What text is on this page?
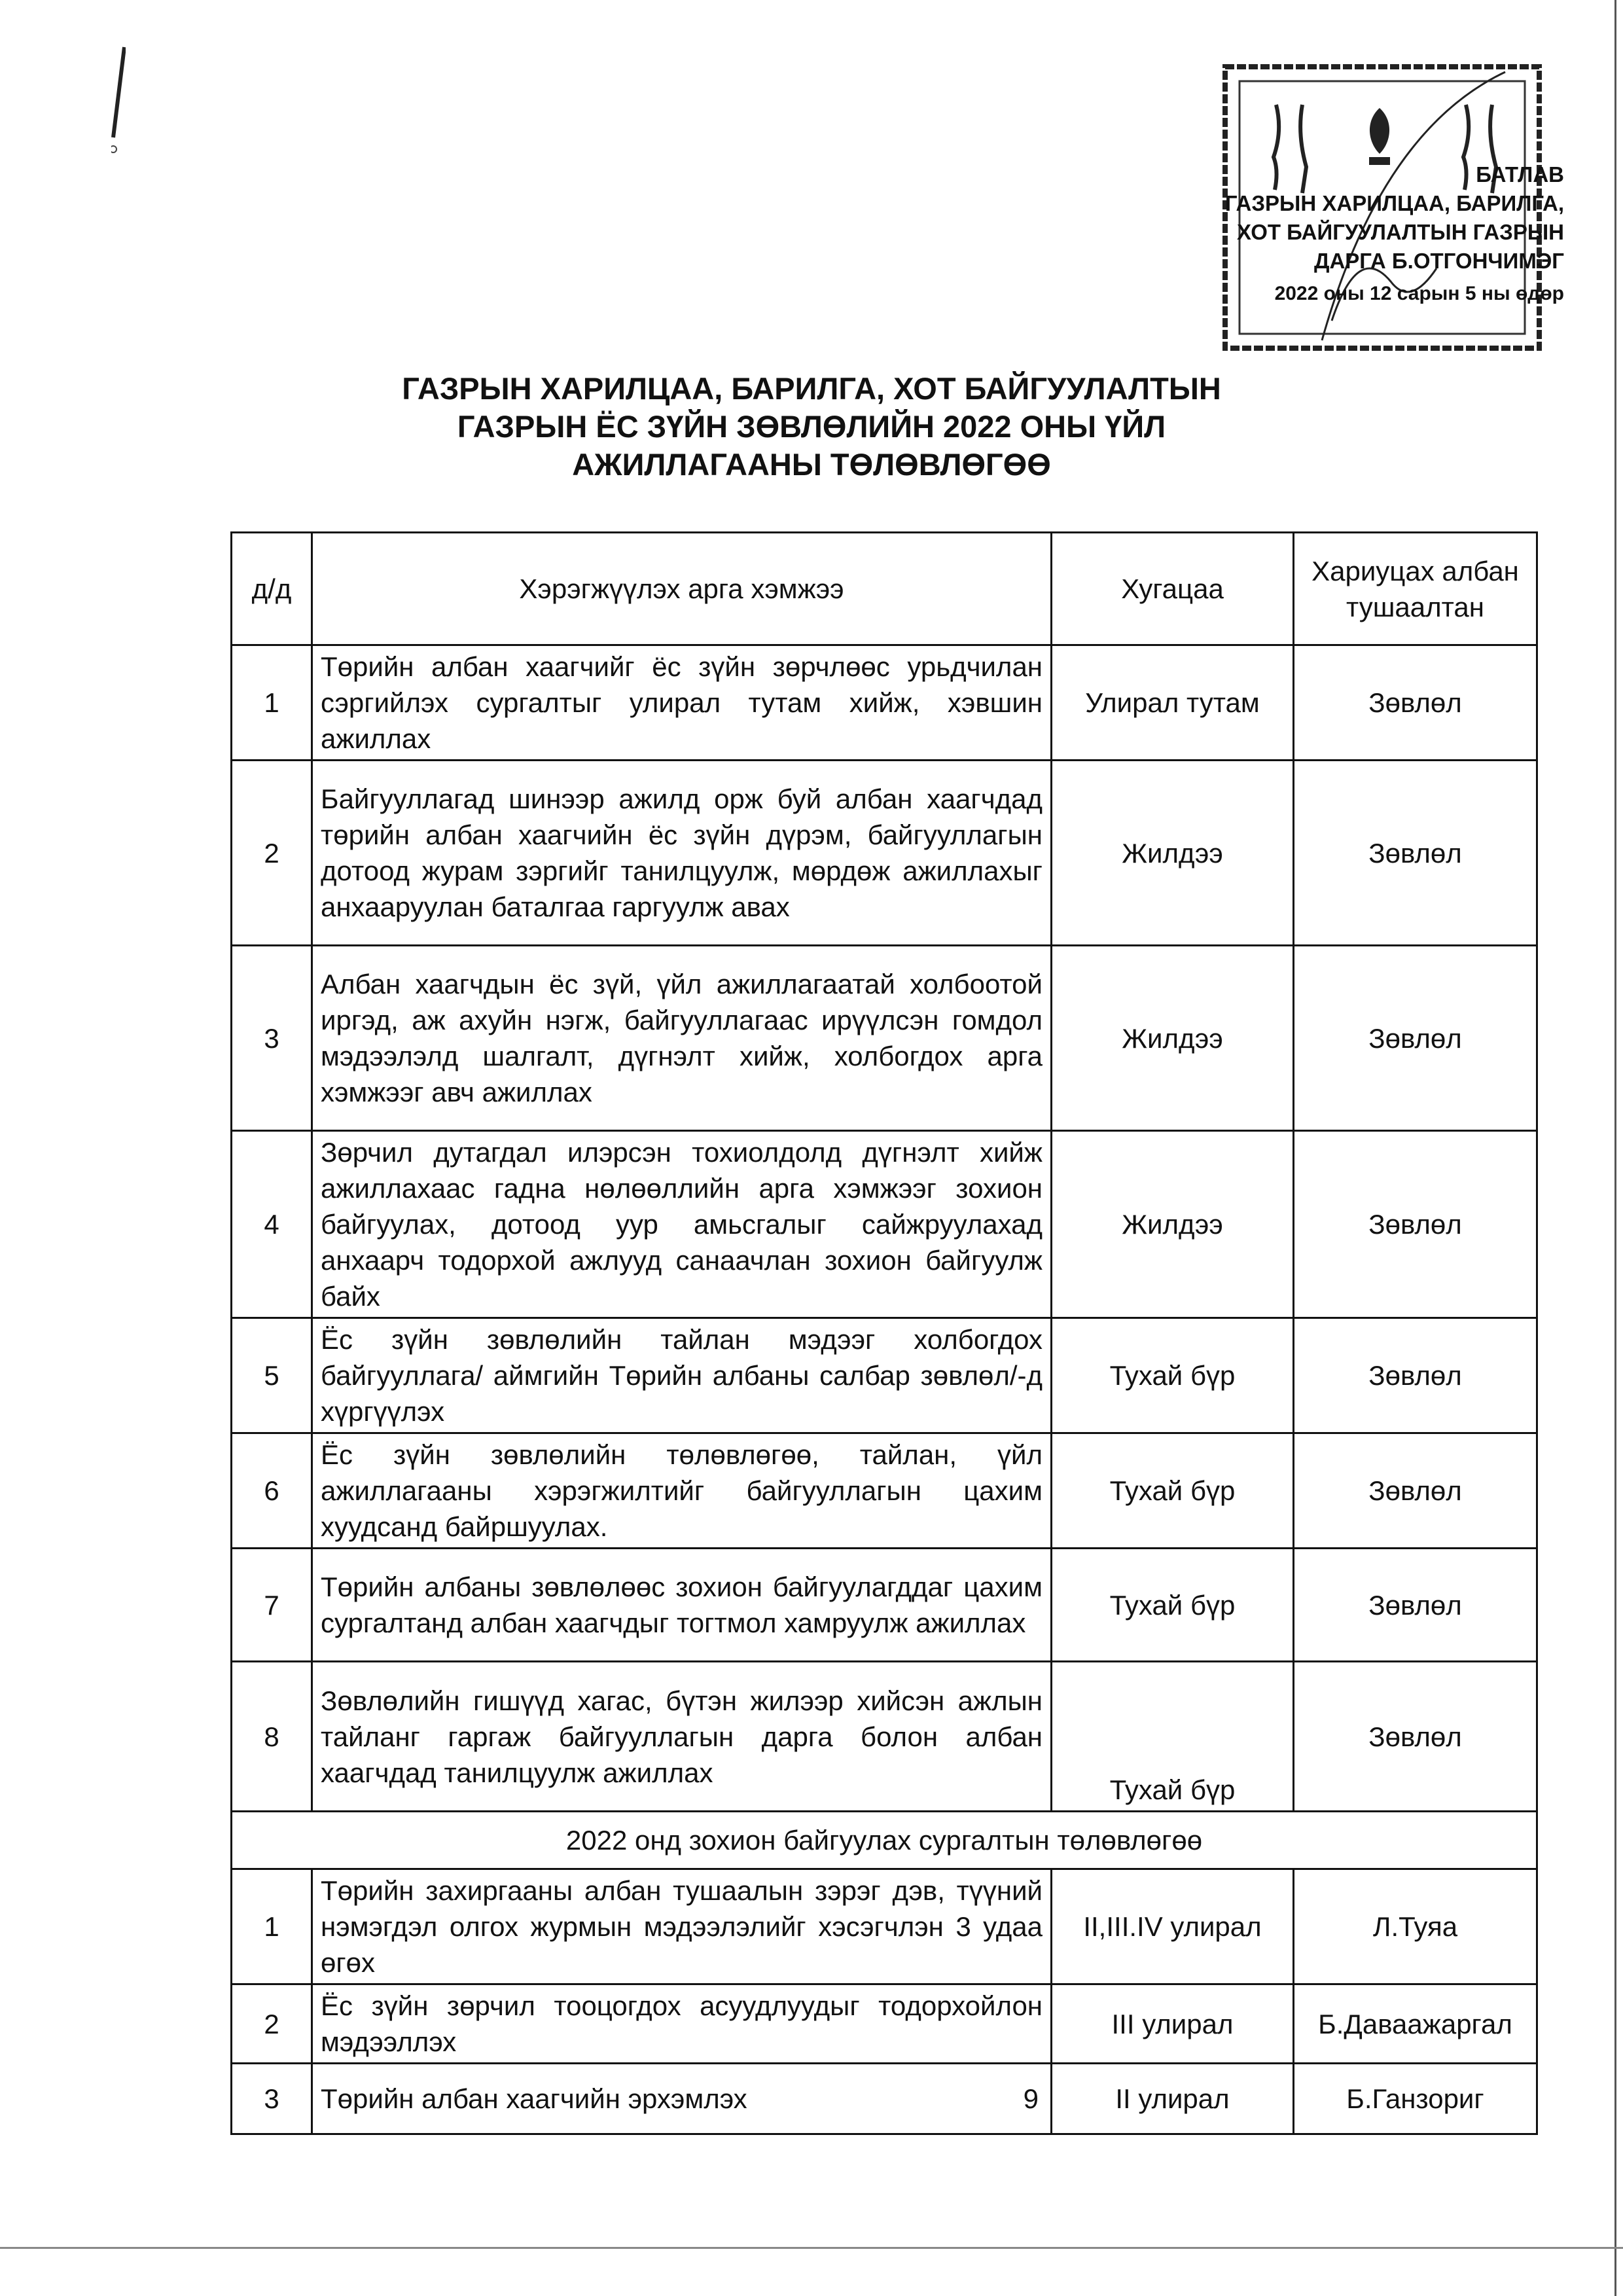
БАТЛАВ
ГАЗРЫН ХАРИЛЦАА, БАРИЛГА,
ХОТ БАЙГУУЛАЛТЫН ГАЗРЫН
ДАРГА Б.ОТГОНЧИМЭГ
2022 оны 12 сарын 5 ны өдөр
ГАЗРЫН ХАРИЛЦАА, БАРИЛГА, ХОТ БАЙГУУЛАЛТЫН
ГАЗРЫН ЁС ЗҮЙН ЗӨВЛӨЛИЙН 2022 ОНЫ ҮЙЛ
АЖИЛЛАГААНЫ ТӨЛӨВЛӨГӨӨ
д/д	Хэрэгжүүлэх арга хэмжээ	Хугацаа	Хариуцах албан тушаалтан
1	Төрийн албан хаагчийг ёс зүйн зөрчлөөс урьдчилан сэргийлэх сургалтыг улирал тутам хийж, хэвшин ажиллах	Улирал тутам	Зөвлөл
2	Байгууллагад шинээр ажилд орж буй албан хаагчдад төрийн албан хаагчийн ёс зүйн дүрэм, байгууллагын дотоод журам зэргийг танилцуулж, мөрдөж ажиллахыг анхааруулан баталгаа гаргуулж авах	Жилдээ	Зөвлөл
3	Албан хаагчдын ёс зүй, үйл ажиллагаатай холбоотой иргэд, аж ахуйн нэгж, байгууллагаас ирүүлсэн гомдол мэдээлэлд шалгалт, дүгнэлт хийж, холбогдох арга хэмжээг авч ажиллах	Жилдээ	Зөвлөл
4	Зөрчил дутагдал илэрсэн тохиолдолд дүгнэлт хийж ажиллахаас гадна нөлөөллийн арга хэмжээг зохион байгуулах, дотоод уур амьсгалыг сайжруулахад анхаарч тодорхой ажлууд санаачлан зохион байгуулж байх	Жилдээ	Зөвлөл
5	Ёс зүйн зөвлөлийн тайлан мэдээг холбогдох байгууллага/ аймгийн Төрийн албаны салбар зөвлөл/-д хүргүүлэх	Тухай бүр	Зөвлөл
6	Ёс зүйн зөвлөлийн төлөвлөгөө, тайлан, үйл ажиллагааны хэрэгжилтийг байгууллагын цахим хуудсанд байршуулах.	Тухай бүр	Зөвлөл
7	Төрийн албаны зөвлөлөөс зохион байгуулагддаг цахим сургалтанд албан хаагчдыг тогтмол хамруулж ажиллах	Тухай бүр	Зөвлөл
8	Зөвлөлийн гишүүд хагас, бүтэн жилээр хийсэн ажлын тайланг гаргаж байгууллагын дарга болон албан хаагчдад танилцуулж ажиллах	Тухай бүр	Зөвлөл
2022 онд зохион байгуулах сургалтын төлөвлөгөө			
1	Төрийн захиргааны албан тушаалын зэрэг дэв, түүний нэмэгдэл олгох журмын мэдээлэлийг хэсэгчлэн 3 удаа өгөх	II,III.IV улирал	Л.Туяа
2	Ёс зүйн зөрчил тооцогдох асуудлуудыг тодорхойлон мэдээллэх	III улирал	Б.Даваажаргал
3	Төрийн албан хаагчийн эрхэмлэх 9	II улирал	Б.Ганзориг
